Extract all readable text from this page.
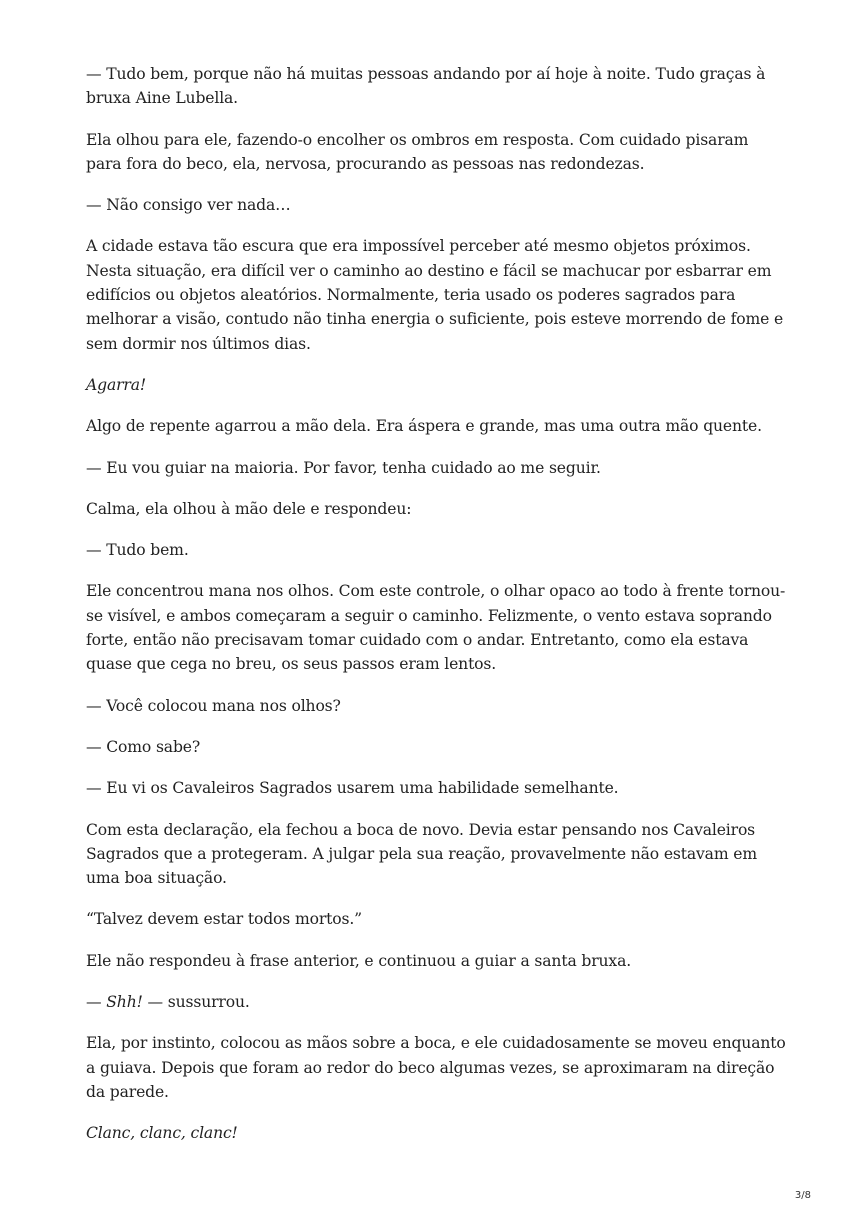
— Tudo bem, porque não há muitas pessoas andando por aí hoje à noite. Tudo graças à bruxa Aine Lubella.

Ela olhou para ele, fazendo-o encolher os ombros em resposta. Com cuidado pisaram para fora do beco, ela, nervosa, procurando as pessoas nas redondezas.

— Não consigo ver nada…

A cidade estava tão escura que era impossível perceber até mesmo objetos próximos. Nesta situação, era difícil ver o caminho ao destino e fácil se machucar por esbarrar em edifícios ou objetos aleatórios. Normalmente, teria usado os poderes sagrados para melhorar a visão, contudo não tinha energia o suficiente, pois esteve morrendo de fome e sem dormir nos últimos dias.

Agarra!

Algo de repente agarrou a mão dela. Era áspera e grande, mas uma outra mão quente.

— Eu vou guiar na maioria. Por favor, tenha cuidado ao me seguir.

Calma, ela olhou à mão dele e respondeu:

— Tudo bem.

Ele concentrou mana nos olhos. Com este controle, o olhar opaco ao todo à frente tornou-se visível, e ambos começaram a seguir o caminho. Felizmente, o vento estava soprando forte, então não precisavam tomar cuidado com o andar. Entretanto, como ela estava quase que cega no breu, os seus passos eram lentos.

— Você colocou mana nos olhos?

— Como sabe?

— Eu vi os Cavaleiros Sagrados usarem uma habilidade semelhante.

Com esta declaração, ela fechou a boca de novo. Devia estar pensando nos Cavaleiros Sagrados que a protegeram. A julgar pela sua reação, provavelmente não estavam em uma boa situação.

“Talvez devem estar todos mortos.”

Ele não respondeu à frase anterior, e continuou a guiar a santa bruxa.

— Shh! — sussurrou.

Ela, por instinto, colocou as mãos sobre a boca, e ele cuidadosamente se moveu enquanto a guiava. Depois que foram ao redor do beco algumas vezes, se aproximaram na direção da parede.

Clanc, clanc, clanc!

3/8
